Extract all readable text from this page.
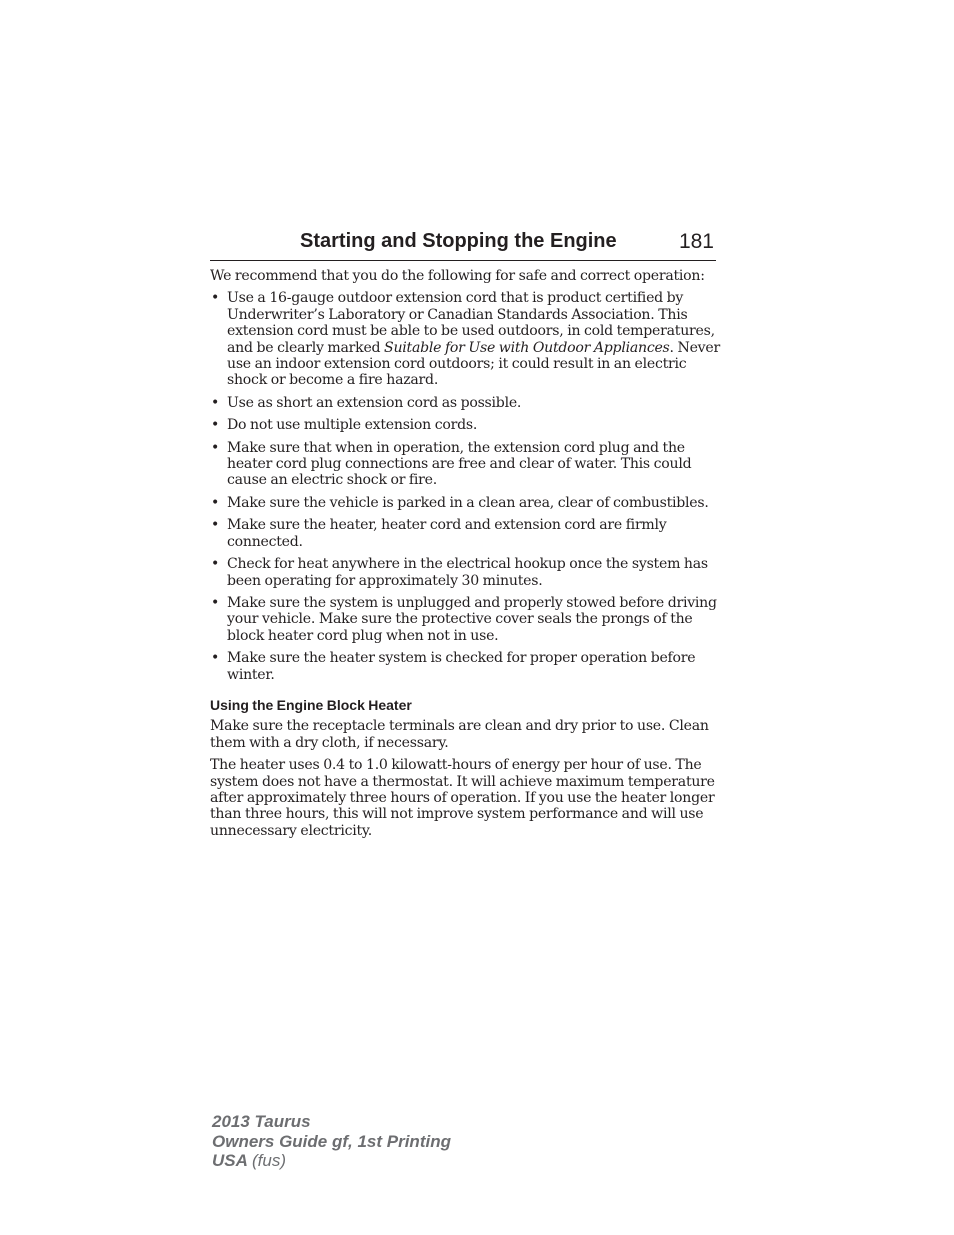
Starting and Stopping the Engine	181

We recommend that you do the following for safe and correct operation:

• Use a 16-gauge outdoor extension cord that is product certified by Underwriter’s Laboratory or Canadian Standards Association. This extension cord must be able to be used outdoors, in cold temperatures, and be clearly marked Suitable for Use with Outdoor Appliances. Never use an indoor extension cord outdoors; it could result in an electric shock or become a fire hazard.
• Use as short an extension cord as possible.
• Do not use multiple extension cords.
• Make sure that when in operation, the extension cord plug and the heater cord plug connections are free and clear of water. This could cause an electric shock or fire.
• Make sure the vehicle is parked in a clean area, clear of combustibles.
• Make sure the heater, heater cord and extension cord are firmly connected.
• Check for heat anywhere in the electrical hookup once the system has been operating for approximately 30 minutes.
• Make sure the system is unplugged and properly stowed before driving your vehicle. Make sure the protective cover seals the prongs of the block heater cord plug when not in use.
• Make sure the heater system is checked for proper operation before winter.
Using the Engine Block Heater

Make sure the receptacle terminals are clean and dry prior to use. Clean them with a dry cloth, if necessary.

The heater uses 0.4 to 1.0 kilowatt-hours of energy per hour of use. The system does not have a thermostat. It will achieve maximum temperature after approximately three hours of operation. If you use the heater longer than three hours, this will not improve system performance and will use unnecessary electricity.

2013 Taurus
Owners Guide gf, 1st Printing
USA (fus)
